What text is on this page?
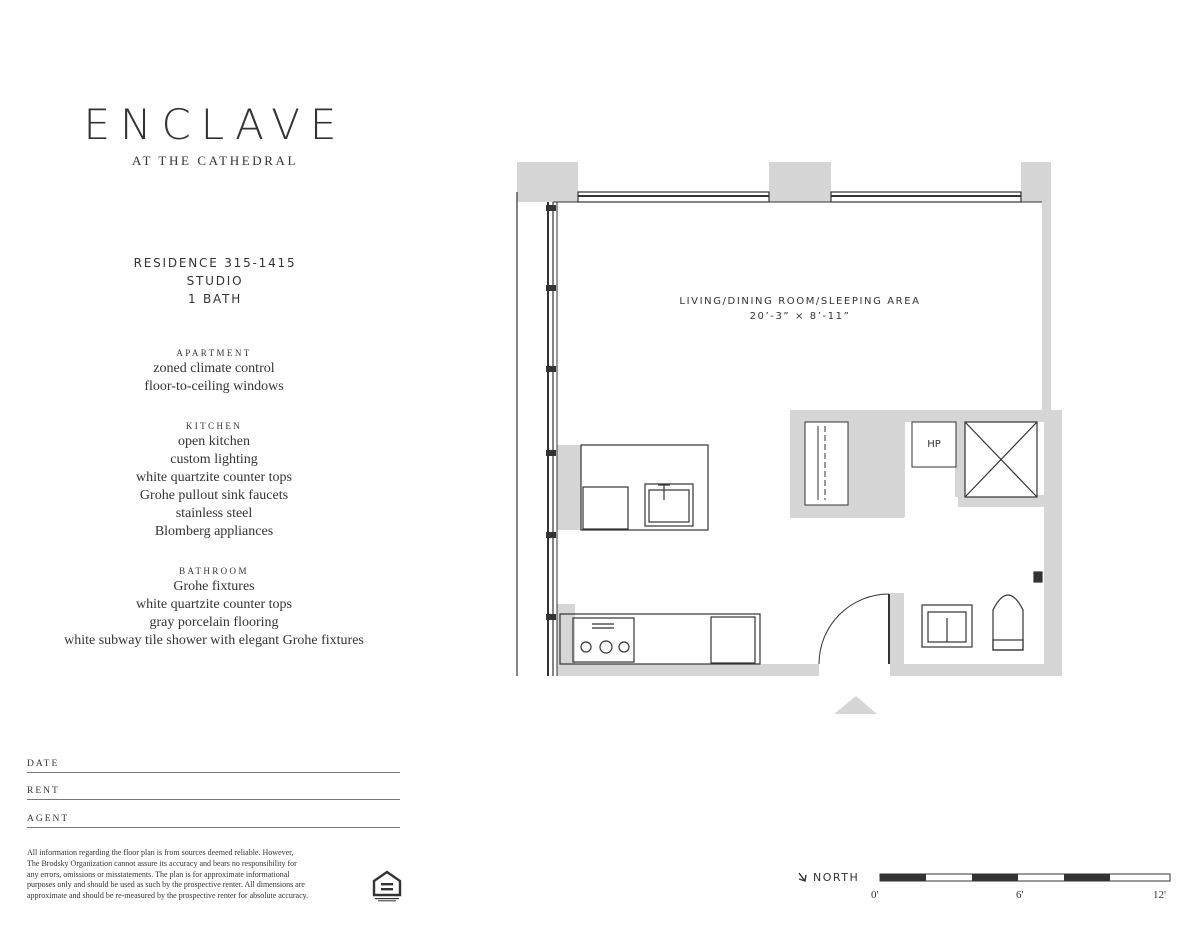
ENCLAVE
AT THE CATHEDRAL
RESIDENCE 315-1415
STUDIO
1 BATH
APARTMENT
zoned climate control
floor-to-ceiling windows
KITCHEN
open kitchen
custom lighting
white quartzite counter tops
Grohe pullout sink faucets
stainless steel
Blomberg appliances
BATHROOM
Grohe fixtures
white quartzite counter tops
gray porcelain flooring
white subway tile shower with elegant Grohe fixtures
DATE
RENT
AGENT
All information regarding the floor plan is from sources deemed reliable. However,
The Brodsky Organization cannot assure its accuracy and bears no responsibility for
any errors, omissions or misstatements. The plan is for approximate informational
purposes only and should be used as such by the prospective renter. All dimensions are
approximate and should be re-measured by the prospective renter for absolute accuracy.
LIVING/DINING ROOM/SLEEPING AREA
20’-3” × 8’-11”
HP
NORTH
0'	6'	12'
